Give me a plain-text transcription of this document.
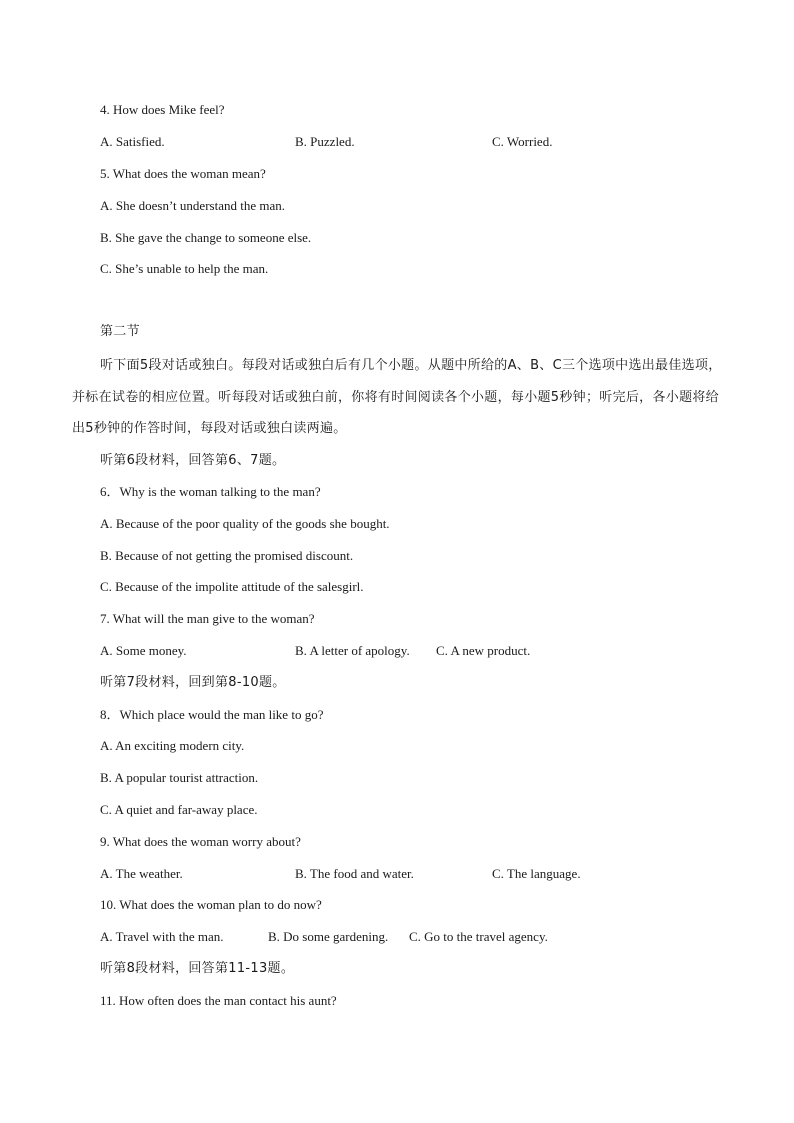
4. How does Mike feel?
A. Satisfied.	B. Puzzled.	C. Worried.
5. What does the woman mean?
A. She doesn’t understand the man.
B. She gave the change to someone else.
C. She’s unable to help the man.
第二节
听下面5段对话或独白。每段对话或独白后有几个小题。从题中所给的A、B、C三个选项中选出最佳选项，并标在试卷的相应位置。听每段对话或独白前，你将有时间阅读各个小题，每小题5秒钟；听完后，各小题将给出5秒钟的作答时间，每段对话或独白读两遍。
听第6段材料，回答第6、7题。
6．Why is the woman talking to the man?
A. Because of the poor quality of the goods she bought.
B. Because of not getting the promised discount.
C. Because of the impolite attitude of the salesgirl.
7. What will the man give to the woman?
A. Some money.	B. A letter of apology. C. A new product.
听第7段材料，回到第8-10题。
8．Which place would the man like to go?
A. An exciting modern city.
B. A popular tourist attraction.
C. A quiet and far-away place.
9. What does the woman worry about?
A. The weather.	B. The food and water.	C. The language.
10. What does the woman plan to do now?
A. Travel with the man.	B. Do some gardening. C. Go to the travel agency.
听第8段材料，回答第11-13题。
11. How often does the man contact his aunt?
